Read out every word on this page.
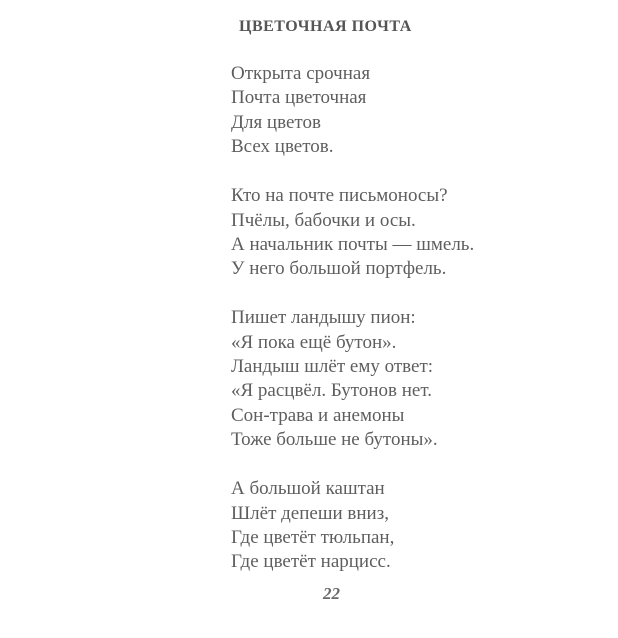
ЦВЕТОЧНАЯ ПОЧТА
Открыта срочная
Почта цветочная
Для цветов
Всех цветов.
Кто на почте письмоносы?
Пчёлы, бабочки и осы.
А начальник почты — шмель.
У него большой портфель.
Пишет ландышу пион:
«Я пока ещё бутон».
Ландыш шлёт ему ответ:
«Я расцвёл. Бутонов нет.
Сон-трава и анемоны
Тоже больше не бутоны».
А большой каштан
Шлёт депеши вниз,
Где цветёт тюльпан,
Где цветёт нарцисс.
22
